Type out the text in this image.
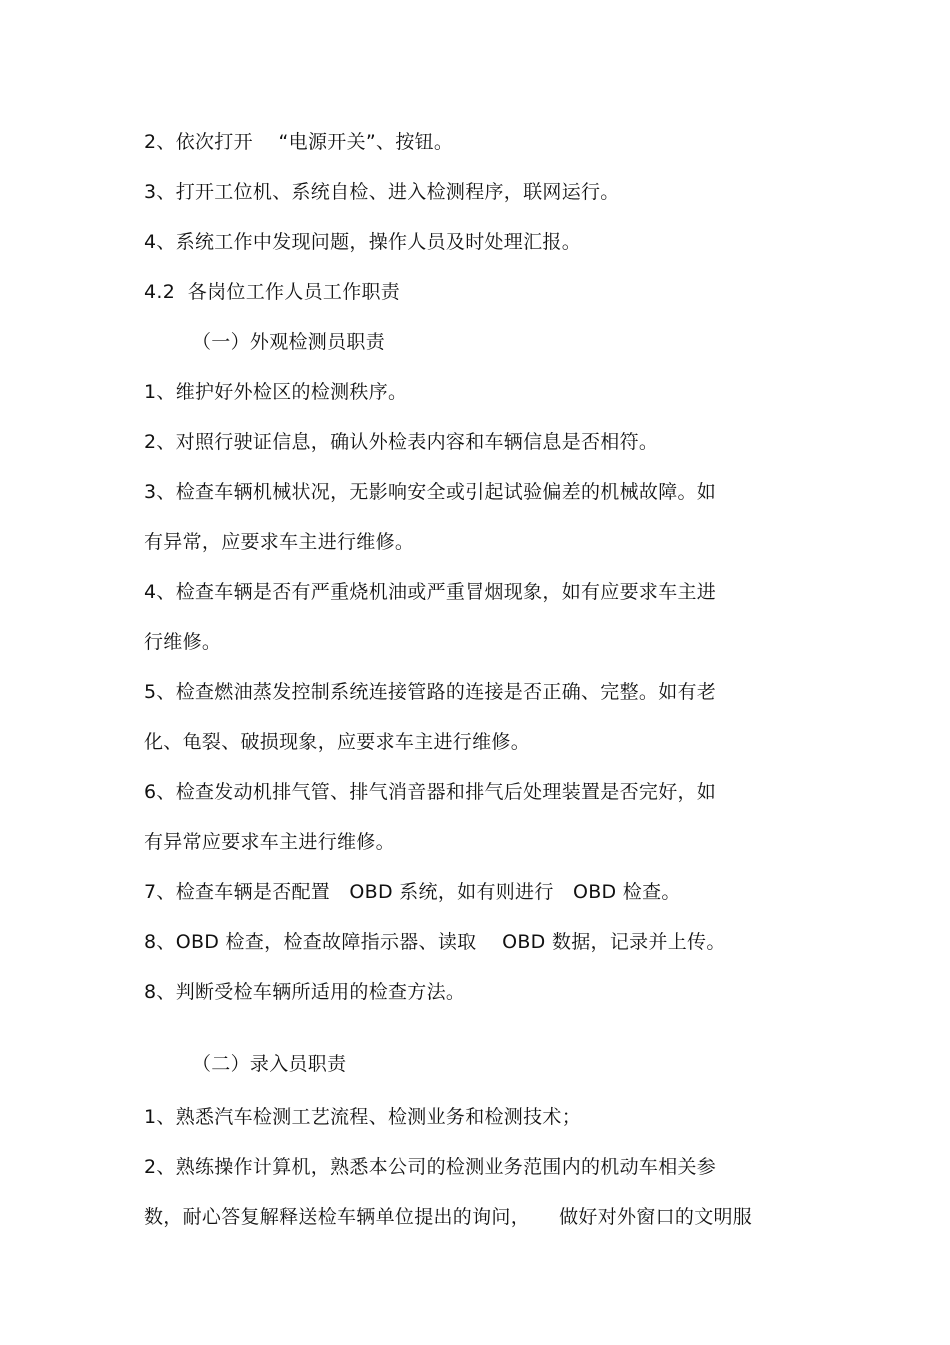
2、依次打开　 “电源开关”、按钮。
3、打开工位机、系统自检、进入检测程序，联网运行。
4、系统工作中发现问题，操作人员及时处理汇报。
4.2  各岗位工作人员工作职责
（一）外观检测员职责
1、维护好外检区的检测秩序。
2、对照行驶证信息，确认外检表内容和车辆信息是否相符。
3、检查车辆机械状况，无影响安全或引起试验偏差的机械故障。如
有异常，应要求车主进行维修。
4、检查车辆是否有严重烧机油或严重冒烟现象，如有应要求车主进
行维修。
5、检查燃油蒸发控制系统连接管路的连接是否正确、完整。如有老
化、龟裂、破损现象，应要求车主进行维修。
6、检查发动机排气管、排气消音器和排气后处理装置是否完好，如
有异常应要求车主进行维修。
7、检查车辆是否配置　OBD 系统，如有则进行　OBD 检查。
8、OBD 检查，检查故障指示器、读取　 OBD 数据，记录并上传。
8、判断受检车辆所适用的检查方法。
（二）录入员职责
1、熟悉汽车检测工艺流程、检测业务和检测技术；
2、熟练操作计算机，熟悉本公司的检测业务范围内的机动车相关参
数，耐心答复解释送检车辆单位提出的询问，　　做好对外窗口的文明服
